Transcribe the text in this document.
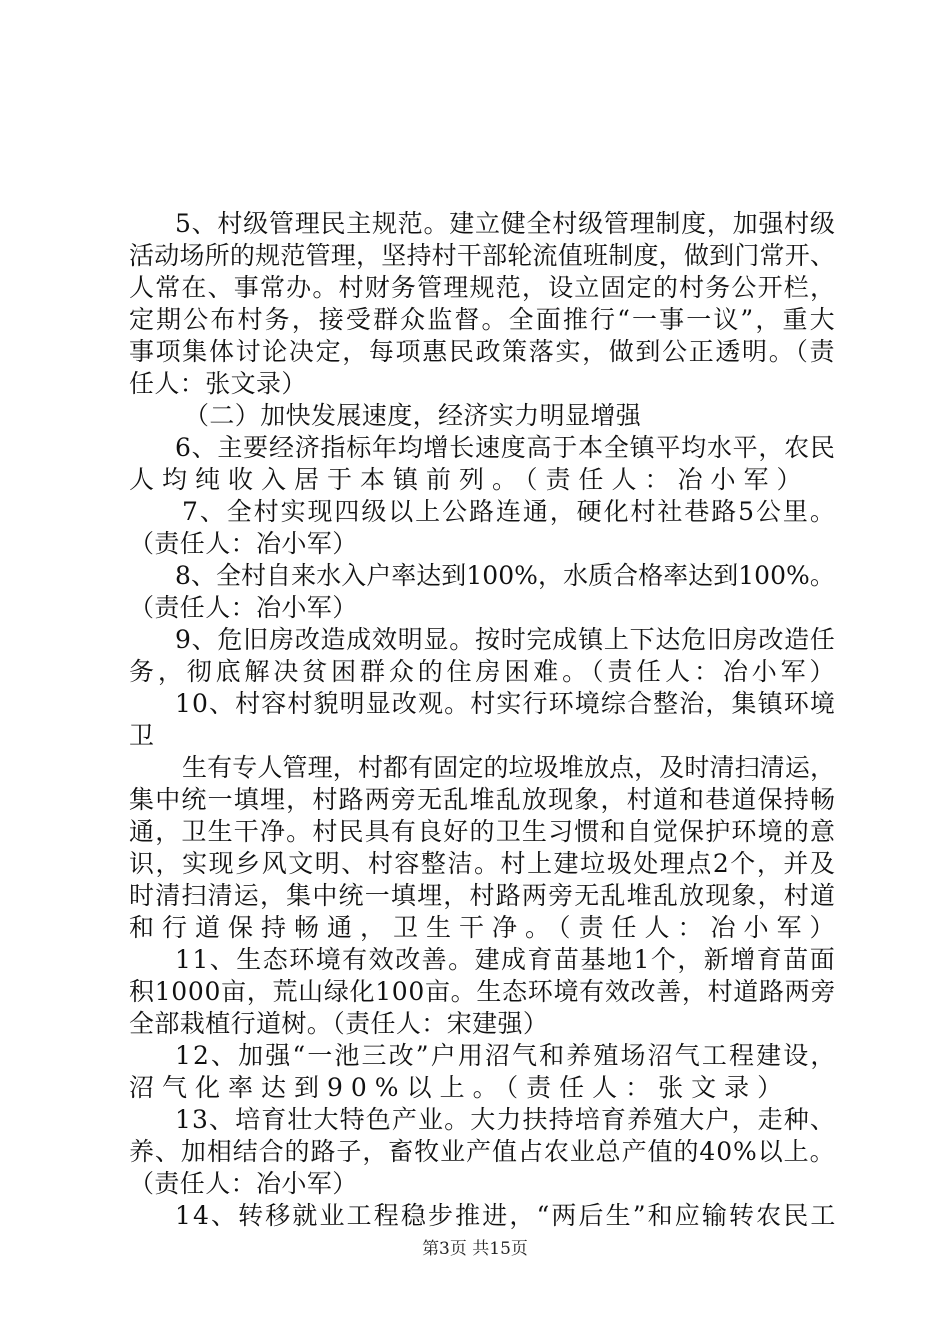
5、村级管理民主规范。建立健全村级管理制度，加强村级
活动场所的规范管理，坚持村干部轮流值班制度，做到门常开、
人常在、事常办。村财务管理规范，设立固定的村务公开栏，
定期公布村务，接受群众监督。全面推行“一事一议”，重大
事项集体讨论决定，每项惠民政策落实，做到公正透明。（责
任人：张文录）
（二）加快发展速度，经济实力明显增强
6、主要经济指标年均增长速度高于本全镇平均水平，农民
人均纯收入居于本镇前列。（责任人：冶小军）
7、全村实现四级以上公路连通，硬化村社巷路5公里。
（责任人：冶小军）
8、全村自来水入户率达到100%，水质合格率达到100%。
（责任人：冶小军）
9、危旧房改造成效明显。按时完成镇上下达危旧房改造任
务，彻底解决贫困群众的住房困难。（责任人：冶小军）
10、村容村貌明显改观。村实行环境综合整治，集镇环境
卫
生有专人管理，村都有固定的垃圾堆放点，及时清扫清运，
集中统一填埋，村路两旁无乱堆乱放现象，村道和巷道保持畅
通，卫生干净。村民具有良好的卫生习惯和自觉保护环境的意
识，实现乡风文明、村容整洁。村上建垃圾处理点2个，并及
时清扫清运，集中统一填埋，村路两旁无乱堆乱放现象，村道
和行道保持畅通，卫生干净。（责任人：冶小军）
11、生态环境有效改善。建成育苗基地1个，新增育苗面
积1000亩，荒山绿化100亩。生态环境有效改善，村道路两旁
全部栽植行道树。（责任人：宋建强）
12、加强“一池三改”户用沼气和养殖场沼气工程建设，
沼气化率达到90%以上。（责任人：张文录）
13、培育壮大特色产业。大力扶持培育养殖大户，走种、
养、加相结合的路子，畜牧业产值占农业总产值的40%以上。
（责任人：冶小军）
14、转移就业工程稳步推进，“两后生”和应输转农民工
第3页 共15页
